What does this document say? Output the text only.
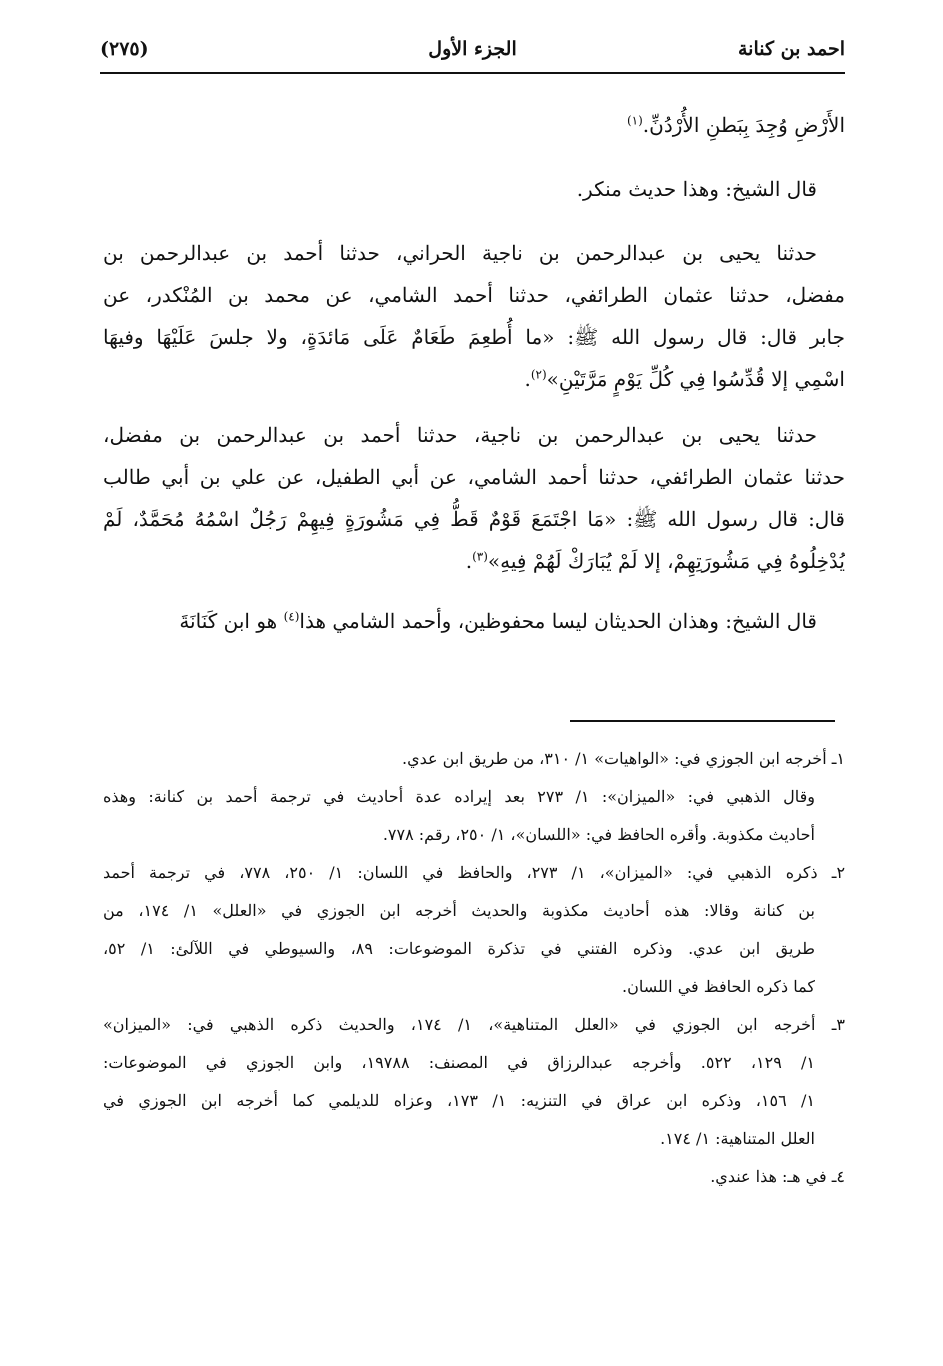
احمد بن كنانة
الجزء الأول
(٢٧٥)
الأَرْضِ وُجِدَ بِبَطنِ الأُرْدُنِّ.$^{(١)}$
قال الشيخ: وهذا حديث منكر.
حدثنا يحيى بن عبدالرحمن بن ناجية الحراني، حدثنا أحمد بن عبدالرحمن بن
مفضل، حدثنا عثمان الطرائفي، حدثنا أحمد الشامي، عن محمد بن المُنْكدر، عن
جابر قال: قال رسول الله ﷺ: «ما أُطعِمَ طَعَامٌ عَلَى مَائدَةٍ، ولا جلسَ عَلَيْهَا وفيهَا
اسْمِي إلا قُدِّسُوا فِي كُلِّ يَوْمٍ مَرَّتَيْنِ»$^{(٢)}$.
حدثنا يحيى بن عبدالرحمن بن ناجية، حدثنا أحمد بن عبدالرحمن بن مفضل،
حدثنا عثمان الطرائفي، حدثنا أحمد الشامي، عن أبي الطفيل، عن علي بن أبي طالب
قال: قال رسول الله ﷺ: «مَا اجْتَمَعَ قَوْمٌ قَطُّ فِي مَشُورَةٍ فِيهِمْ رَجُلٌ اسْمُهُ مُحَمَّدٌ، لَمْ
يُدْخِلُوهُ فِي مَشُورَتِهِمْ، إلا لَمْ يُبَارَكْ لَهُمْ فِيهِ»$^{(٣)}$.
قال الشيخ: وهذان الحديثان ليسا محفوظين، وأحمد الشامي هذا$^{(٤)}$ هو ابن كَنَانَةَ
١ـ أخرجه ابن الجوزي في: «الواهيات» ١/ ٣١٠، من طريق ابن عدي.
وقال الذهبي في: «الميزان»: ١/ ٢٧٣ بعد إيراده عدة أحاديث في ترجمة أحمد بن كنانة: وهذه
أحاديث مكذوبة. وأقره الحافظ في: «اللسان»، ١/ ٢٥٠، رقم: ٧٧٨.
٢ـ ذكره الذهبي في: «الميزان»، ١/ ٢٧٣، والحافظ في اللسان: ١/ ٢٥٠، ٧٧٨، في ترجمة أحمد
بن كنانة وقالا: هذه أحاديث مكذوبة والحديث أخرجه ابن الجوزي في «العلل» ١/ ١٧٤، من
طريق ابن عدي. وذكره الفتني في تذكرة الموضوعات: ٨٩، والسيوطي في اللآلئ: ١/ ٥٢،
كما ذكره الحافظ في اللسان.
٣ـ أخرجه ابن الجوزي في «العلل المتناهية»، ١/ ١٧٤، والحديث ذكره الذهبي في: «الميزان»
١/ ١٢٩، ٥٢٢. وأخرجه عبدالرزاق في المصنف: ١٩٧٨٨، وابن الجوزي في الموضوعات:
١/ ١٥٦، وذكره ابن عراق في التنزيه: ١/ ١٧٣، وعزاه للديلمي كما أخرجه ابن الجوزي في
العلل المتناهية: ١/ ١٧٤.
٤ـ في هـ: هذا عندي.
